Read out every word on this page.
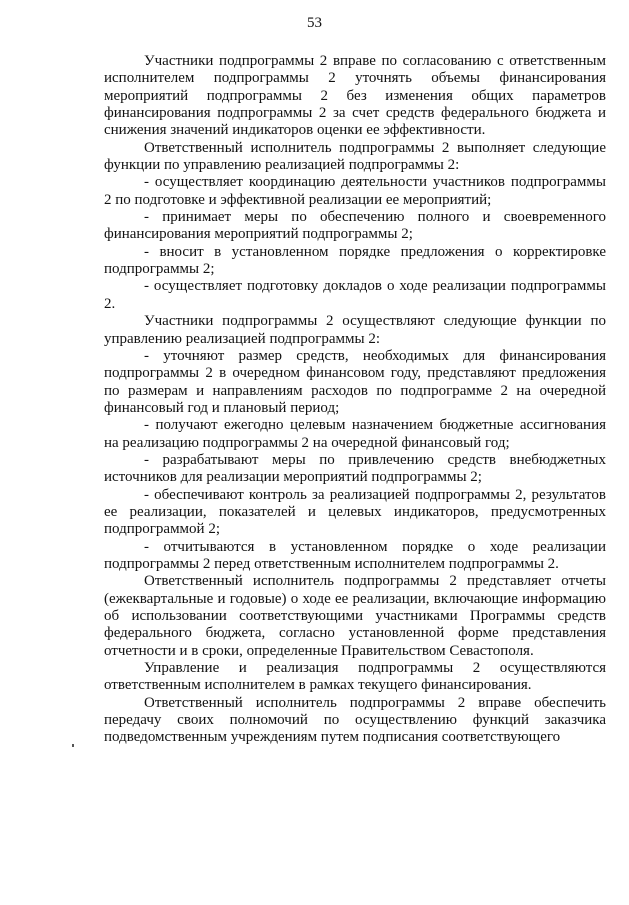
53

Участники подпрограммы 2 вправе по согласованию с ответственным исполнителем подпрограммы 2 уточнять объемы финансирования мероприятий подпрограммы 2 без изменения общих параметров финансирования подпрограммы 2 за счет средств федерального бюджета и снижения значений индикаторов оценки ее эффективности.

Ответственный исполнитель подпрограммы 2 выполняет следующие функции по управлению реализацией подпрограммы 2:

- осуществляет координацию деятельности участников подпрограммы 2 по подготовке и эффективной реализации ее мероприятий;

- принимает меры по обеспечению полного и своевременного финансирования мероприятий подпрограммы 2;

- вносит в установленном порядке предложения о корректировке подпрограммы 2;

- осуществляет подготовку докладов о ходе реализации подпрограммы 2.

Участники подпрограммы 2 осуществляют следующие функции по управлению реализацией подпрограммы 2:

- уточняют размер средств, необходимых для финансирования подпрограммы 2 в очередном финансовом году, представляют предложения по размерам и направлениям расходов по подпрограмме 2 на очередной финансовый год и плановый период;

- получают ежегодно целевым назначением бюджетные ассигнования на реализацию подпрограммы 2 на очередной финансовый год;

- разрабатывают меры по привлечению средств внебюджетных источников для реализации мероприятий подпрограммы 2;

- обеспечивают контроль за реализацией подпрограммы 2, результатов ее реализации, показателей и целевых индикаторов, предусмотренных подпрограммой 2;

- отчитываются в установленном порядке о ходе реализации подпрограммы 2 перед ответственным исполнителем подпрограммы 2.

Ответственный исполнитель подпрограммы 2 представляет отчеты (ежеквартальные и годовые) о ходе ее реализации, включающие информацию об использовании соответствующими участниками Программы средств федерального бюджета, согласно установленной форме представления отчетности и в сроки, определенные Правительством Севастополя.

Управление и реализация подпрограммы 2 осуществляются ответственным исполнителем в рамках текущего финансирования.

Ответственный исполнитель подпрограммы 2 вправе обеспечить передачу своих полномочий по осуществлению функций заказчика подведомственным учреждениям путем подписания соответствующего
